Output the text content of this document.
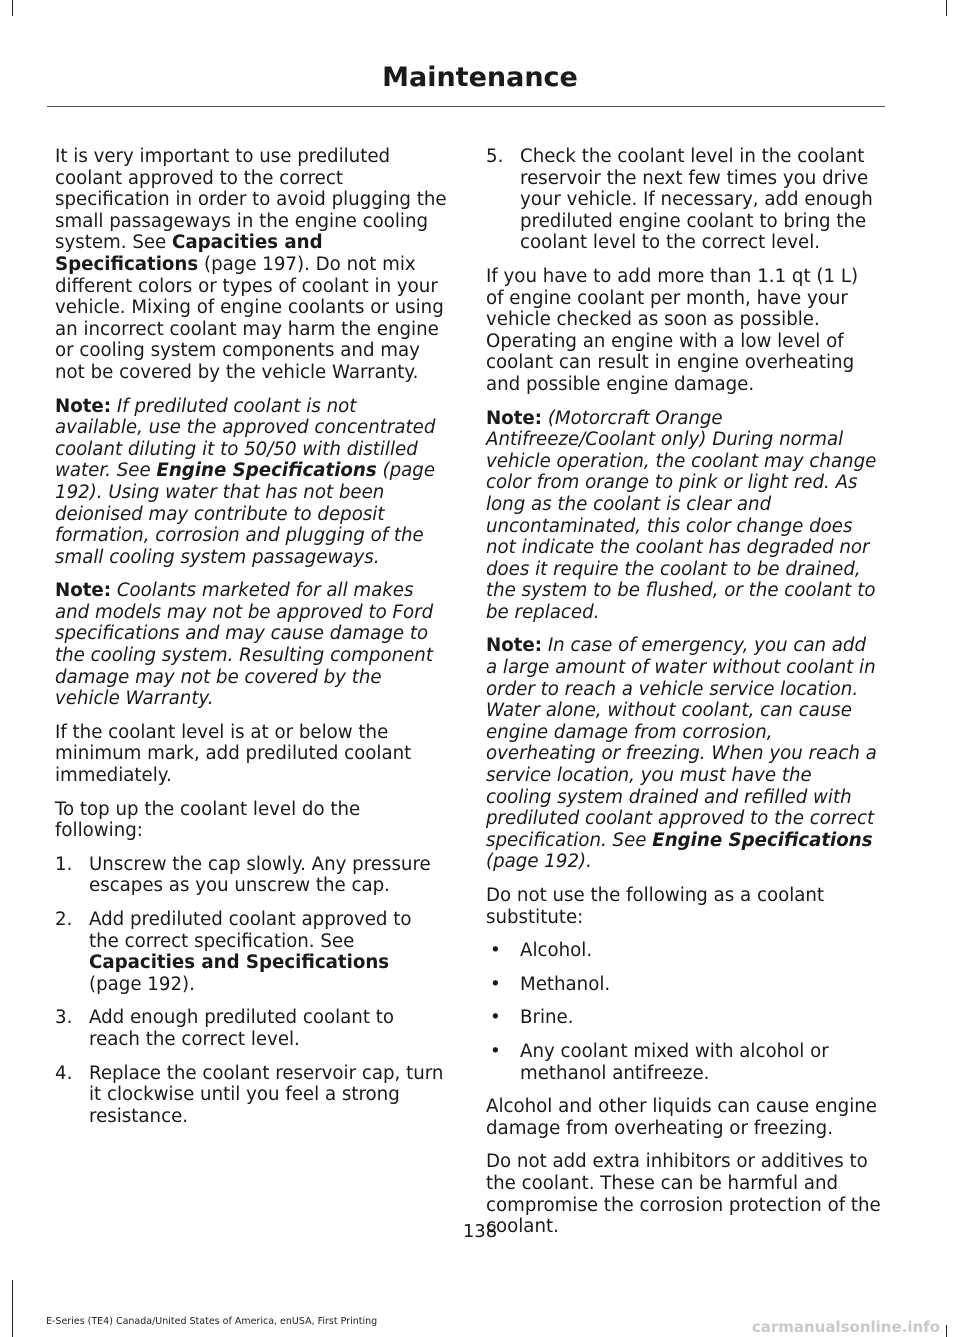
Maintenance

It is very important to use prediluted coolant approved to the correct specification in order to avoid plugging the small passageways in the engine cooling system. See Capacities and Specifications (page 197). Do not mix different colors or types of coolant in your vehicle. Mixing of engine coolants or using an incorrect coolant may harm the engine or cooling system components and may not be covered by the vehicle Warranty.

Note: If prediluted coolant is not available, use the approved concentrated coolant diluting it to 50/50 with distilled water. See Engine Specifications (page 192). Using water that has not been deionised may contribute to deposit formation, corrosion and plugging of the small cooling system passageways.

Note: Coolants marketed for all makes and models may not be approved to Ford specifications and may cause damage to the cooling system. Resulting component damage may not be covered by the vehicle Warranty.

If the coolant level is at or below the minimum mark, add prediluted coolant immediately.

To top up the coolant level do the following:

1. Unscrew the cap slowly. Any pressure escapes as you unscrew the cap.
2. Add prediluted coolant approved to the correct specification. See Capacities and Specifications (page 192).
3. Add enough prediluted coolant to reach the correct level.
4. Replace the coolant reservoir cap, turn it clockwise until you feel a strong resistance.
5. Check the coolant level in the coolant reservoir the next few times you drive your vehicle. If necessary, add enough prediluted engine coolant to bring the coolant level to the correct level.

If you have to add more than 1.1 qt (1 L) of engine coolant per month, have your vehicle checked as soon as possible. Operating an engine with a low level of coolant can result in engine overheating and possible engine damage.

Note: (Motorcraft Orange Antifreeze/Coolant only) During normal vehicle operation, the coolant may change color from orange to pink or light red. As long as the coolant is clear and uncontaminated, this color change does not indicate the coolant has degraded nor does it require the coolant to be drained, the system to be flushed, or the coolant to be replaced.

Note: In case of emergency, you can add a large amount of water without coolant in order to reach a vehicle service location. Water alone, without coolant, can cause engine damage from corrosion, overheating or freezing. When you reach a service location, you must have the cooling system drained and refilled with prediluted coolant approved to the correct specification. See Engine Specifications (page 192).

Do not use the following as a coolant substitute:

•	Alcohol.
•	Methanol.
•	Brine.
•	Any coolant mixed with alcohol or methanol antifreeze.

Alcohol and other liquids can cause engine damage from overheating or freezing.

Do not add extra inhibitors or additives to the coolant. These can be harmful and compromise the corrosion protection of the coolant.

138
E-Series (TE4) Canada/United States of America, enUSA, First Printing	carmanualsonline.info
